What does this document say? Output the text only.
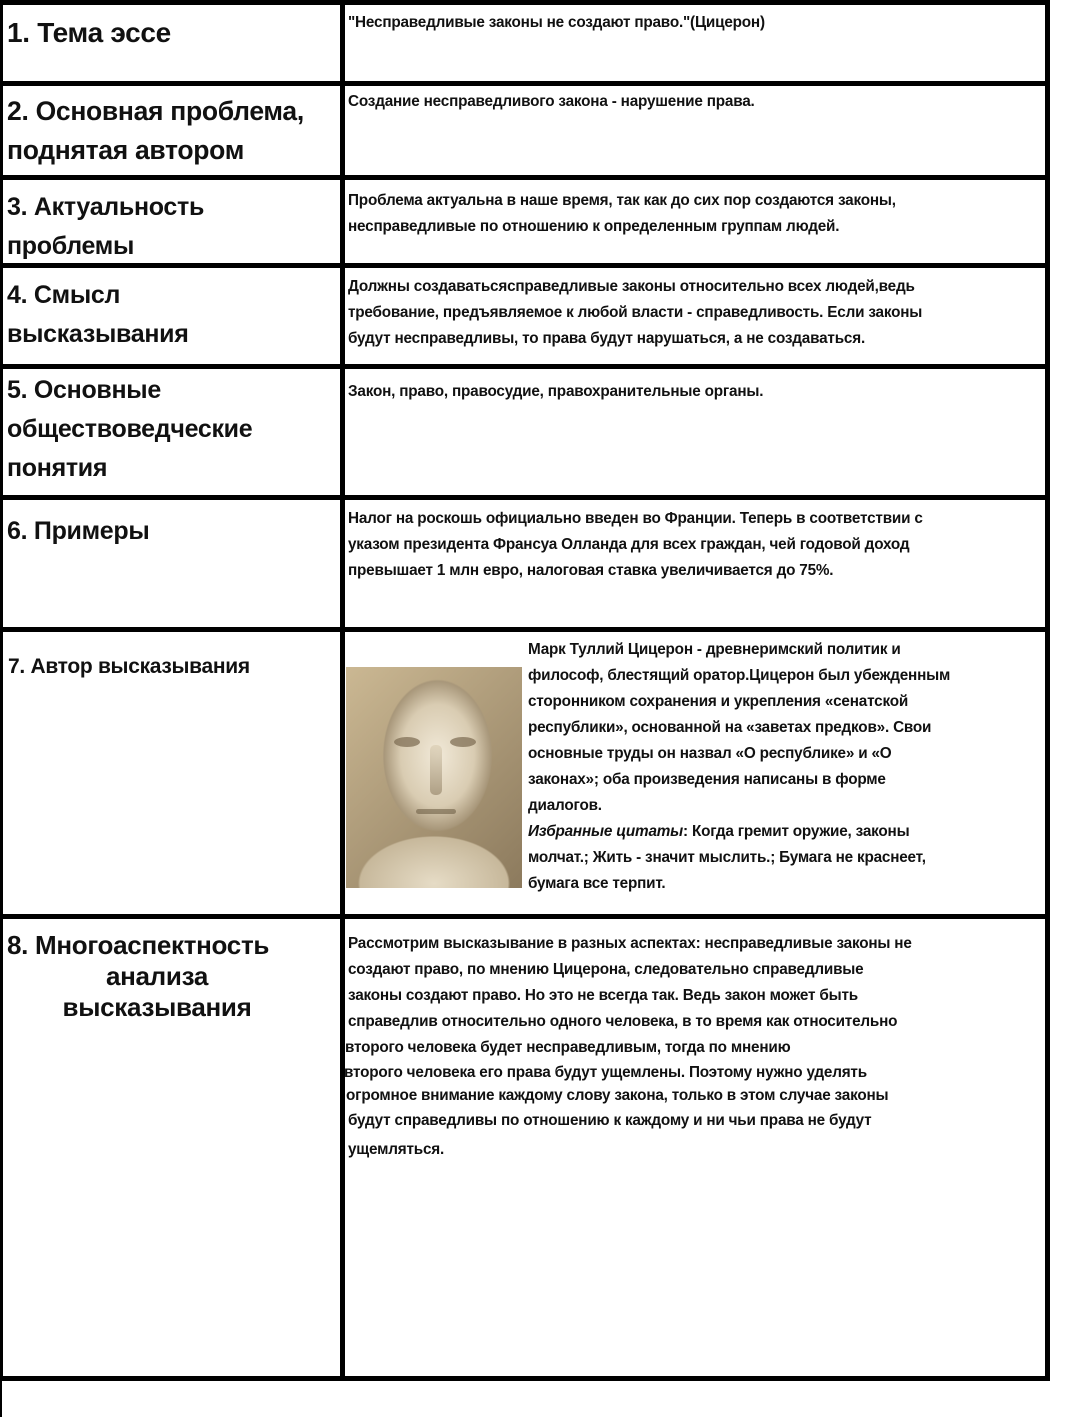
1. Тема эссе	"Несправедливые законы не создают право."(Цицерон)
2. Основная проблема,
поднятая автором
Создание несправедливого закона - нарушение права.
3. Актуальность
проблемы
Проблема актуальна в наше время, так как до сих пор создаются законы,
несправедливые по отношению к определенным группам людей.
4. Смысл
высказывания
Должны создаватьсясправедливые законы относительно всех людей,ведь
требование, предъявляемое к любой власти - справедливость. Если законы
будут несправедливы, то права будут нарушаться, а не создаваться.
5. Основные
обществоведческие
понятия
Закон, право, правосудие, правохранительные органы.
6. Примеры	Налог на роскошь официально введен во Франции. Теперь в соответствии с
указом президента Франсуа Олланда для всех граждан, чей годовой доход
превышает 1 млн евро, налоговая ставка увеличивается до 75%.
7. Автор высказывания
Марк Туллий Цицерон - древнеримский политик и
философ, блестящий оратор.Цицерон был убежденным
сторонником сохранения и укрепления «сенатской
республики», основанной на «заветах предков». Свои
основные труды он назвал «О республике» и «О
законах»; оба произведения написаны в форме
диалогов.
Избранные цитаты: Когда гремит оружие, законы
молчат.; Жить - значит мыслить.; Бумага не краснеет,
бумага все терпит.
8. Многоаспектность
анализа
высказывания
Рассмотрим высказывание в разных аспектах: несправедливые законы не
создают право, по мнению Цицерона, следовательно справедливые
законы создают право. Но это не всегда так. Ведь закон может быть
справедлив относительно одного человека, в то время как относительно
второго человека будет несправедливым, тогда по мнению
второго человека его права будут ущемлены. Поэтому нужно уделять
огромное внимание каждому слову закона, только в этом случае законы
будут справедливы по отношению к каждому и ни чьи права не будут
ущемляться.
